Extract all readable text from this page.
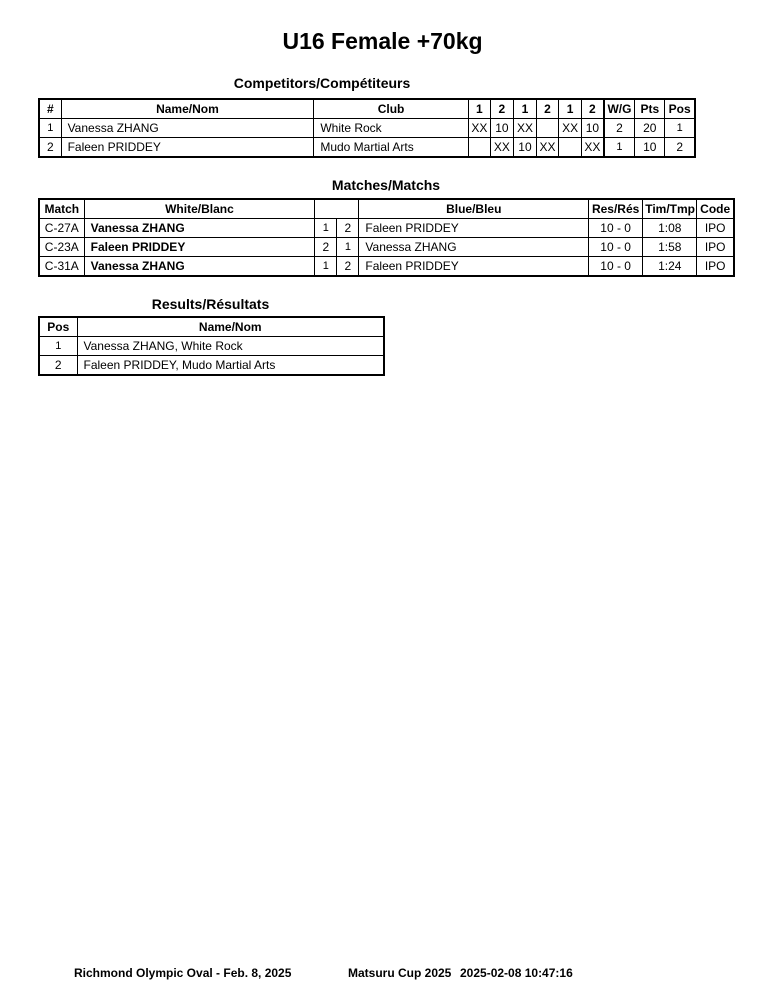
U16 Female +70kg
Competitors/Compétiteurs
#	Name/Nom	Club	1	2	1	2	1	2	W/G	Pts	Pos
1	Vanessa ZHANG	White Rock	XX	10	XX		XX	10	2	20	1
2	Faleen PRIDDEY	Mudo Martial Arts		XX	10	XX		XX	1	10	2
Matches/Matchs
Match	White/Blanc			Blue/Bleu	Res/Rés	Tim/Tmp	Code
C-27A	Vanessa ZHANG	1	2	Faleen PRIDDEY	10 - 0	1:08	IPO
C-23A	Faleen PRIDDEY	2	1	Vanessa ZHANG	10 - 0	1:58	IPO
C-31A	Vanessa ZHANG	1	2	Faleen PRIDDEY	10 - 0	1:24	IPO
Results/Résultats
Pos	Name/Nom
1	Vanessa ZHANG, White Rock
2	Faleen PRIDDEY, Mudo Martial Arts
Richmond Olympic Oval - Feb. 8, 2025	Matsuru Cup 2025 2025-02-08 10:47:16
